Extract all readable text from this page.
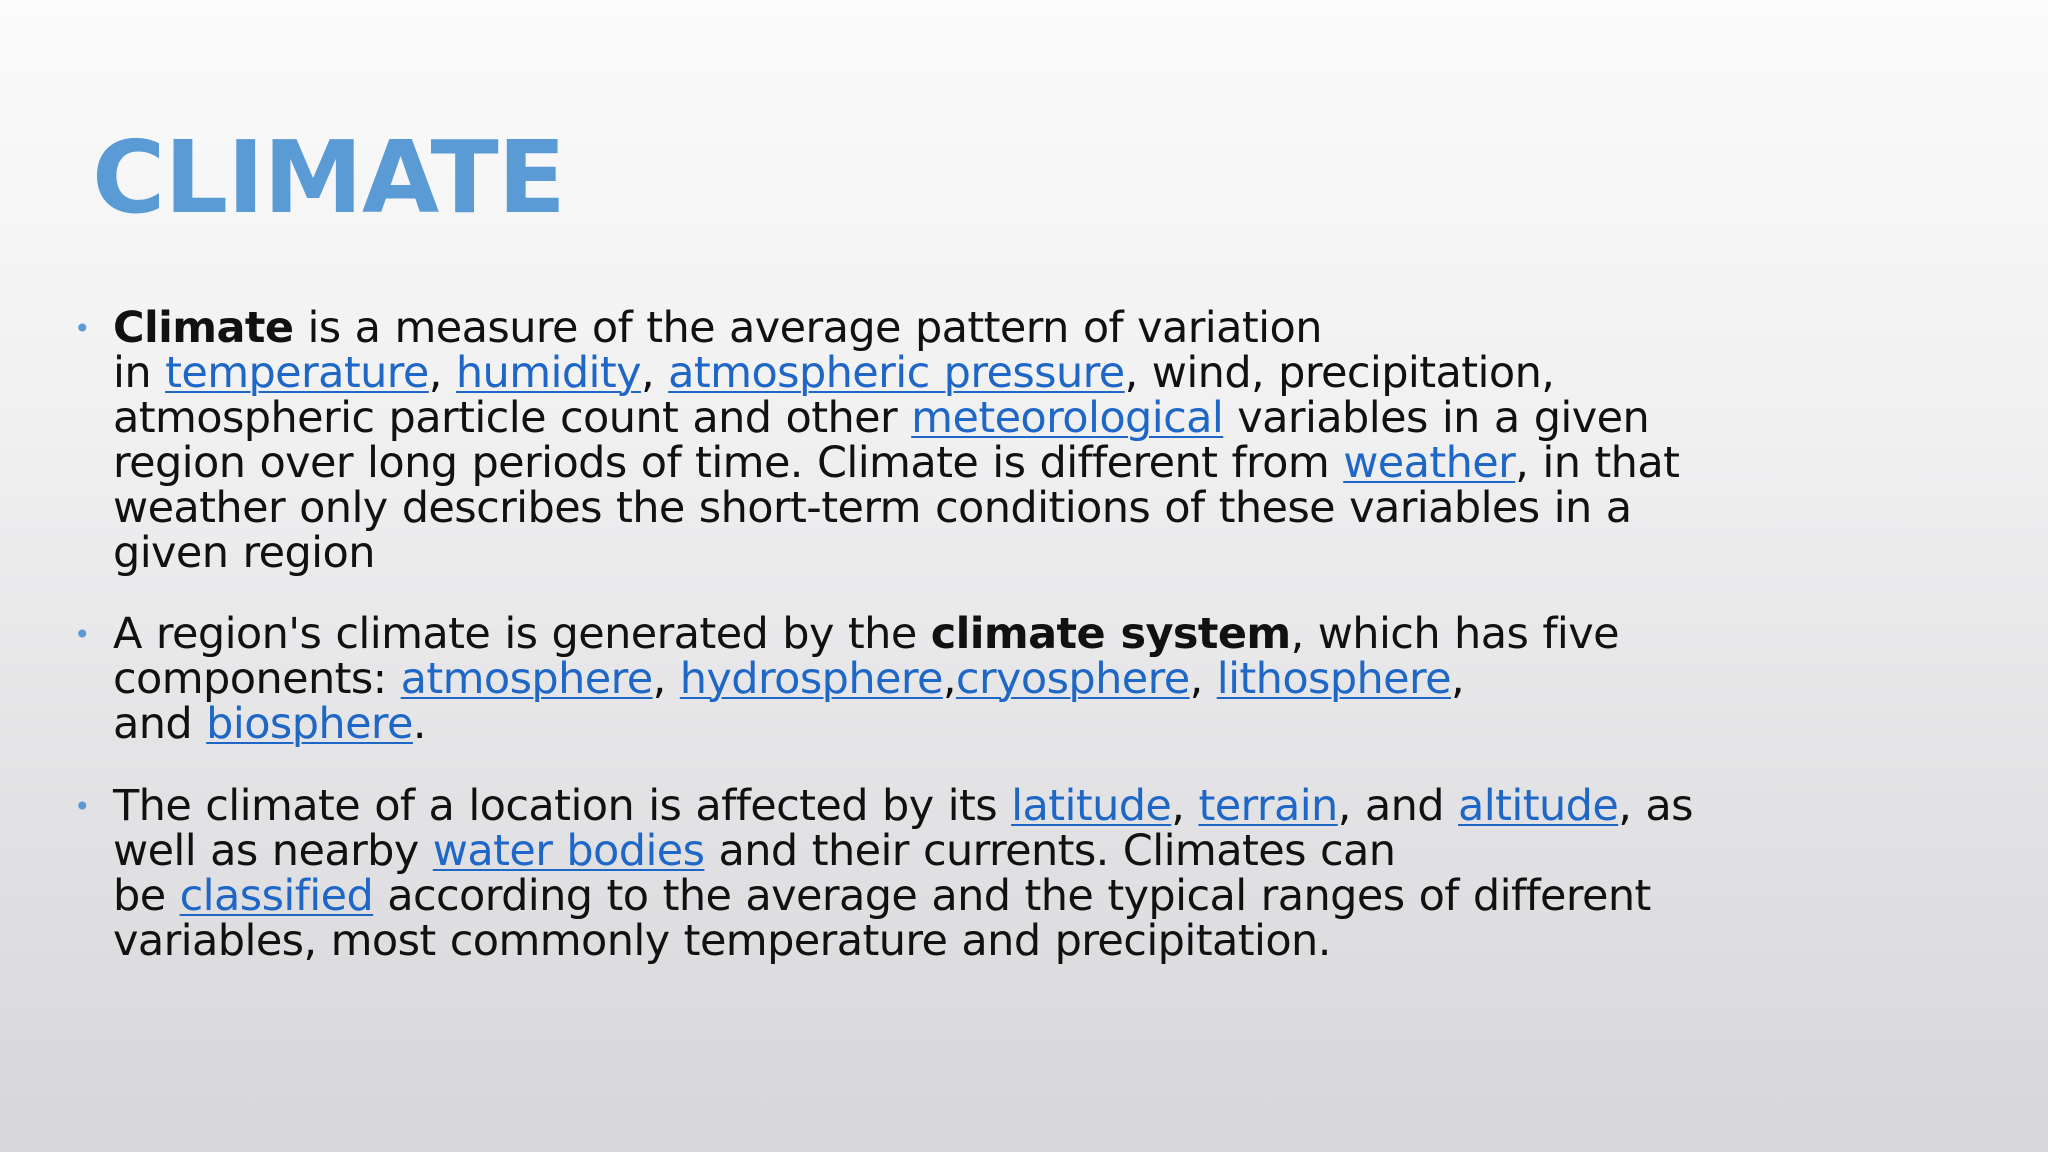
CLIMATE
• Climate is a measure of the average pattern of variation
in temperature, humidity, atmospheric pressure, wind, precipitation,
atmospheric particle count and other meteorological variables in a given
region over long periods of time. Climate is different from weather, in that
weather only describes the short-term conditions of these variables in a
given region
• A region's climate is generated by the climate system, which has five
components: atmosphere, hydrosphere,cryosphere, lithosphere,
and biosphere.
• The climate of a location is affected by its latitude, terrain, and altitude, as
well as nearby water bodies and their currents. Climates can
be classified according to the average and the typical ranges of different
variables, most commonly temperature and precipitation.
